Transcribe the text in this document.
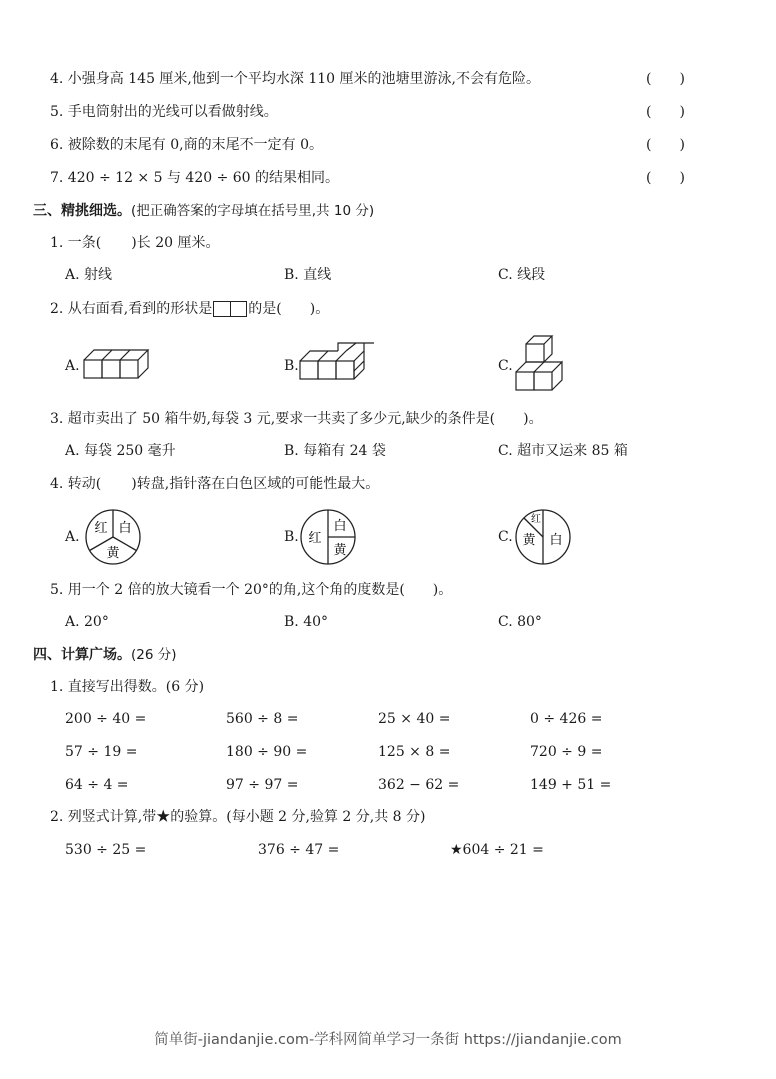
4. 小强身高 145 厘米,他到一个平均水深 110 厘米的池塘里游泳,不会有危险。	(　　)
5. 手电筒射出的光线可以看做射线。	(　　)
6. 被除数的末尾有 0,商的末尾不一定有 0。	(　　)
7. 420 ÷ 12 × 5 与 420 ÷ 60 的结果相同。	(　　)
三、精挑细选。(把正确答案的字母填在括号里,共 10 分)
1. 一条( )长 20 厘米。
A. 射线	B. 直线	C. 线段
2. 从右面看,看到的形状是	的是(　　)。
A.	B.	C.
3. 超市卖出了 50 箱牛奶,每袋 3 元,要求一共卖了多少元,缺少的条件是(　　)。
A. 每袋 250 毫升	B. 每箱有 24 袋	C. 超市又运来 85 箱
4. 转动( )转盘,指针落在白色区域的可能性最大。
A.
红 白
黄
B. 红
白
黄
C.
红
黄 白
5. 用一个 2 倍的放大镜看一个 20°的角,这个角的度数是(　　)。
A. 20°	B. 40°	C. 80°
四、计算广场。(26 分)
1. 直接写出得数。(6 分)
200 ÷ 40 =	560 ÷ 8 =	25 × 40 =	0 ÷ 426 =
57 ÷ 19 =	180 ÷ 90 =	125 × 8 =	720 ÷ 9 =
64 ÷ 4 =	97 ÷ 97 =	362 − 62 =	149 + 51 =
2. 列竖式计算,带★的验算。(每小题 2 分,验算 2 分,共 8 分)
530 ÷ 25 =	376 ÷ 47 =	★604 ÷ 21 =
简单街-jiandanjie.com-学科网简单学习一条街 https://jiandanjie.com
